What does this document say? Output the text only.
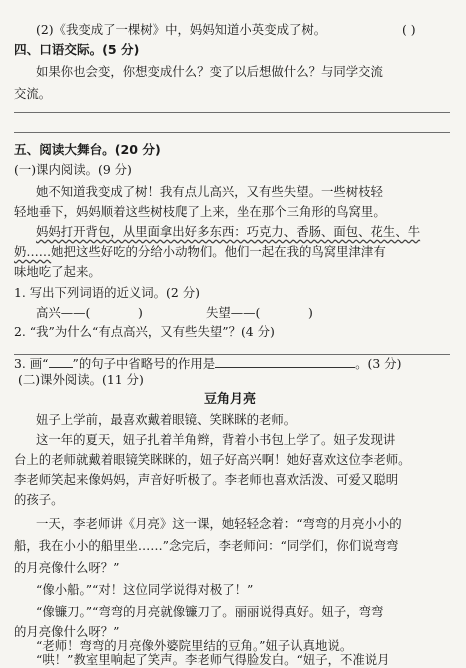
(2)《我变成了一棵树》中，妈妈知道小英变成了树。	( )
四、口语交际。(5 分)
如果你也会变，你想变成什么？变了以后想做什么？与同学交流
交流。
五、阅读大舞台。(20 分)
(一)课内阅读。(9 分)
她不知道我变成了树！我有点儿高兴，又有些失望。一些树枝轻
轻地垂下，妈妈顺着这些树枝爬了上来，坐在那个三角形的鸟窝里。
妈妈打开背包，从里面拿出好多东西：巧克力、香肠、面包、花生、牛
奶……她把这些好吃的分给小动物们。他们一起在我的鸟窝里津津有
味地吃了起来。
1. 写出下列词语的近义词。(2 分)
高兴——(	)	失望——(	)
2. “我”为什么“有点高兴，又有些失望”？(4 分)
3. 画“ ”的句子中省略号的作用是	。(3 分)
(二)课外阅读。(11 分)
豆角月亮
妞子上学前，最喜欢戴着眼镜、笑眯眯的老师。
这一年的夏天，妞子扎着羊角辫，背着小书包上学了。妞子发现讲
台上的老师就戴着眼镜笑眯眯的，妞子好高兴啊！她好喜欢这位李老师。
李老师笑起来像妈妈，声音好听极了。李老师也喜欢活泼、可爱又聪明
的孩子。
一天，李老师讲《月亮》这一课，她轻轻念着：“弯弯的月亮小小的
船，我在小小的船里坐……”念完后，李老师问：“同学们，你们说弯弯
的月亮像什么呀？”
“像小船。”“对！这位同学说得对极了！”
“像镰刀。”“弯弯的月亮就像镰刀了。丽丽说得真好。妞子，弯弯
的月亮像什么呀？”
“老师！弯弯的月亮像外婆院里结的豆角。”妞子认真地说。
“哄！”教室里响起了笑声。李老师气得脸发白。“妞子，不准说月
